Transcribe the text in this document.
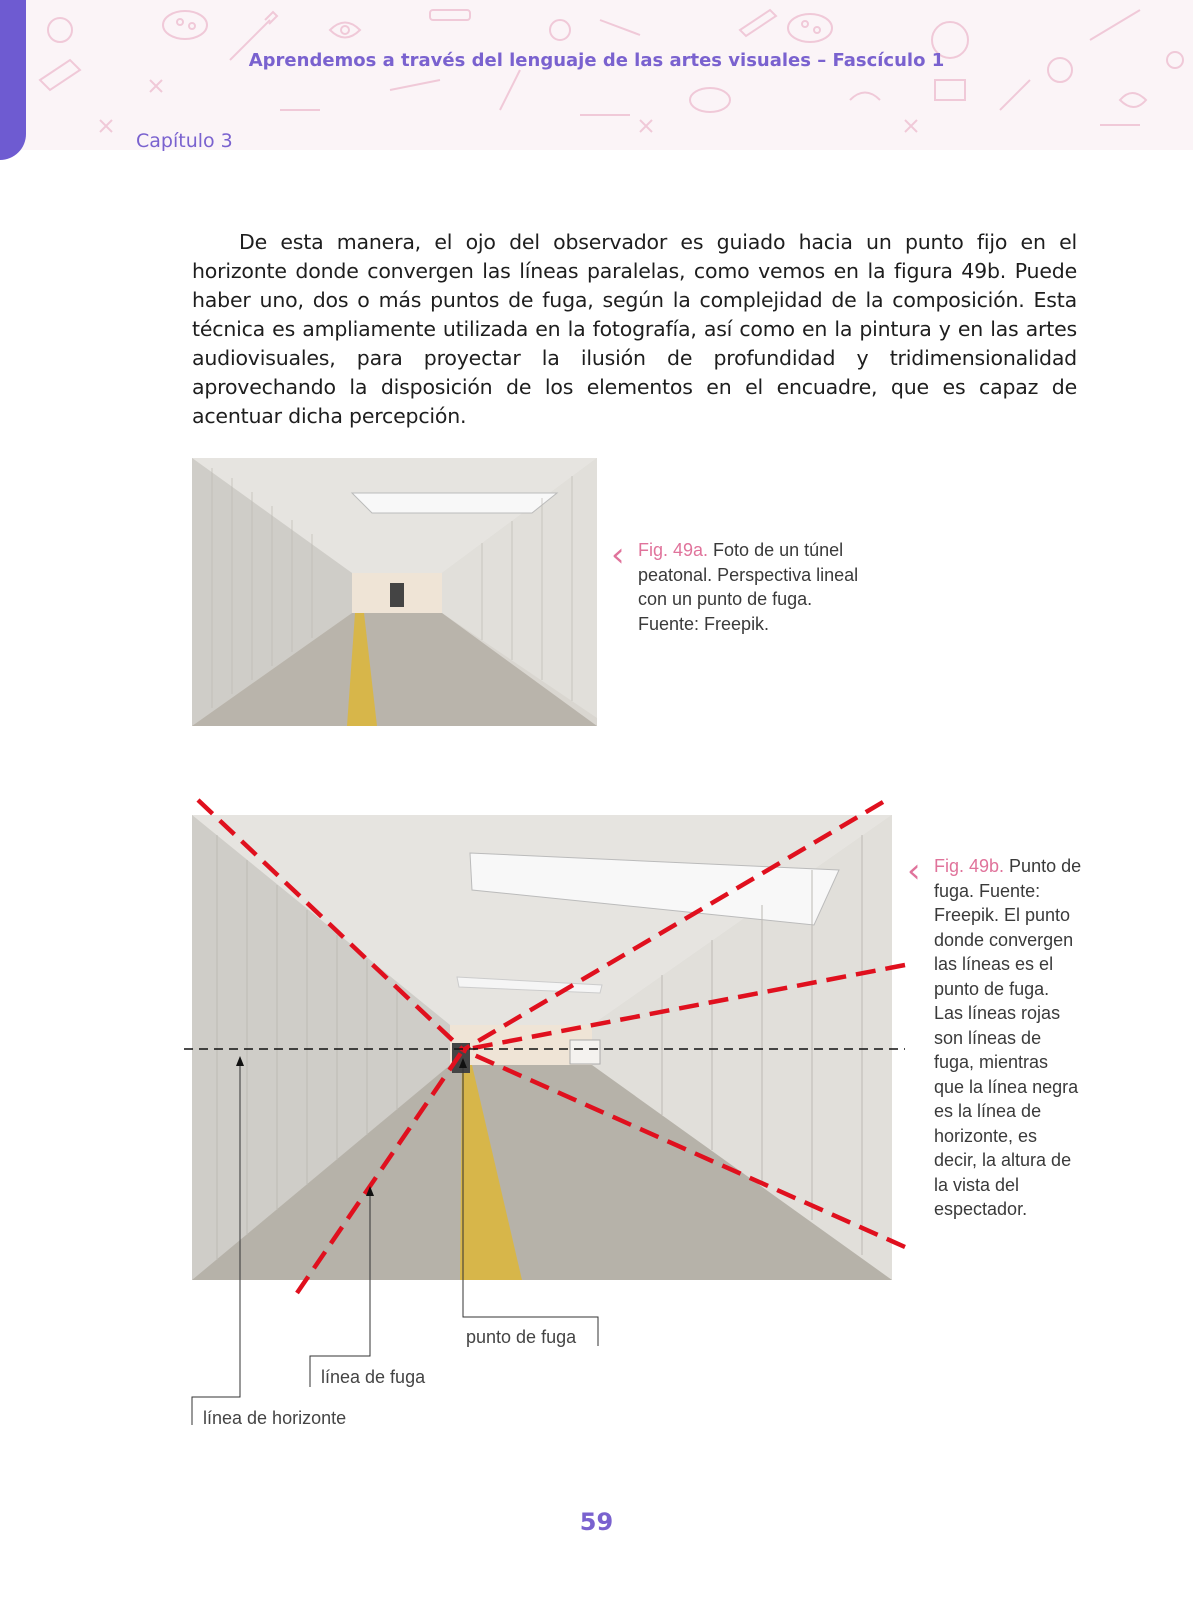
Aprendemos a través del lenguaje de las artes visuales – Fascículo 1
Capítulo 3

De esta manera, el ojo del observador es guiado hacia un punto fijo en el horizonte donde convergen las líneas paralelas, como vemos en la figura 49b. Puede haber uno, dos o más puntos de fuga, según la complejidad de la composición. Esta técnica es ampliamente utilizada en la fotografía, así como en la pintura y en las artes audiovisuales, para proyectar la ilusión de profundidad y tridimensionalidad aprovechando la disposición de los elementos en el encuadre, que es capaz de acentuar dicha percepción.

‹ Fig. 49a. Foto de un túnel peatonal. Perspectiva lineal con un punto de fuga. Fuente: Freepik.
punto de fuga
línea de fuga
línea de horizonte
‹ Fig. 49b. Punto de fuga. Fuente: Freepik. El punto donde convergen las líneas es el punto de fuga. Las líneas rojas son líneas de fuga, mientras que la línea negra es la línea de horizonte, es decir, la altura de la vista del espectador.
59
